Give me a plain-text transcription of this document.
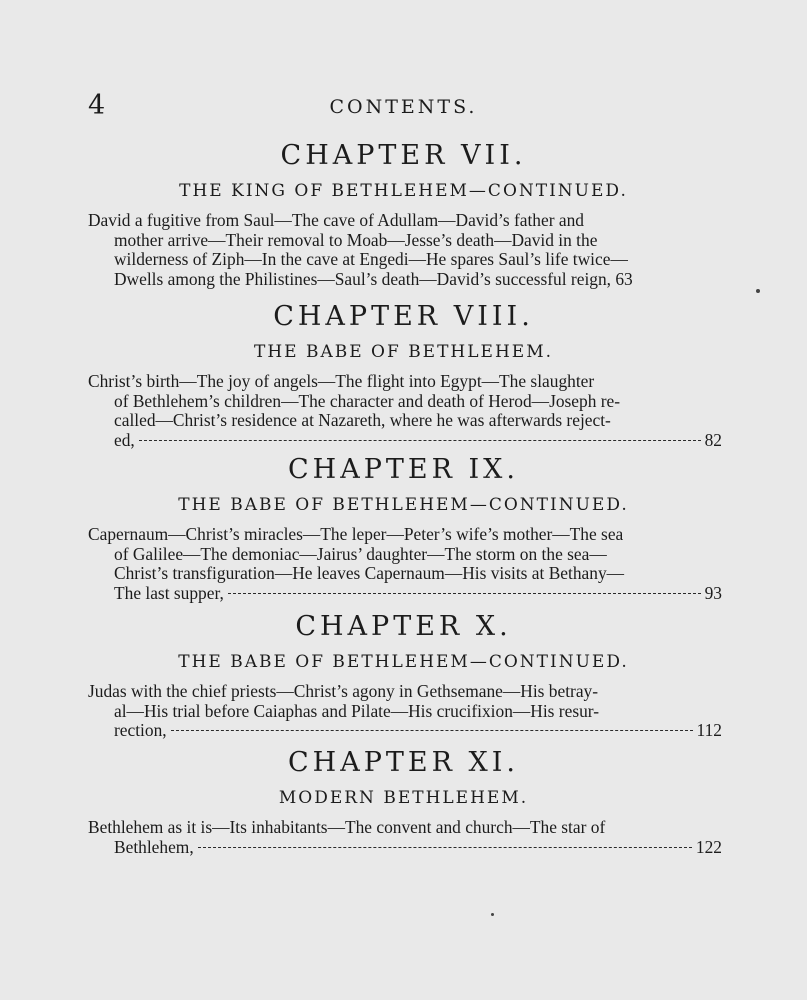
4	CONTENTS.
CHAPTER VII.
THE KING OF BETHLEHEM—CONTINUED.
David a fugitive from Saul—The cave of Adullam—David’s father and
mother arrive—Their removal to Moab—Jesse’s death—David in the
wilderness of Ziph—In the cave at Engedi—He spares Saul’s life twice—
Dwells among the Philistines—Saul’s death—David’s successful reign, 63
CHAPTER VIII.
THE BABE OF BETHLEHEM.
Christ’s birth—The joy of angels—The flight into Egypt—The slaughter
of Bethlehem’s children—The character and death of Herod—Joseph re-
called—Christ’s residence at Nazareth, where he was afterwards reject-
ed,	82
CHAPTER IX.
THE BABE OF BETHLEHEM—CONTINUED.
Capernaum—Christ’s miracles—The leper—Peter’s wife’s mother—The sea
of Galilee—The demoniac—Jairus’ daughter—The storm on the sea—
Christ’s transfiguration—He leaves Capernaum—His visits at Bethany—
The last supper,	93
CHAPTER X.
THE BABE OF BETHLEHEM—CONTINUED.
Judas with the chief priests—Christ’s agony in Gethsemane—His betray-
al—His trial before Caiaphas and Pilate—His crucifixion—His resur-
rection,	112
CHAPTER XI.
MODERN BETHLEHEM.
Bethlehem as it is—Its inhabitants—The convent and church—The star of
Bethlehem,	122
